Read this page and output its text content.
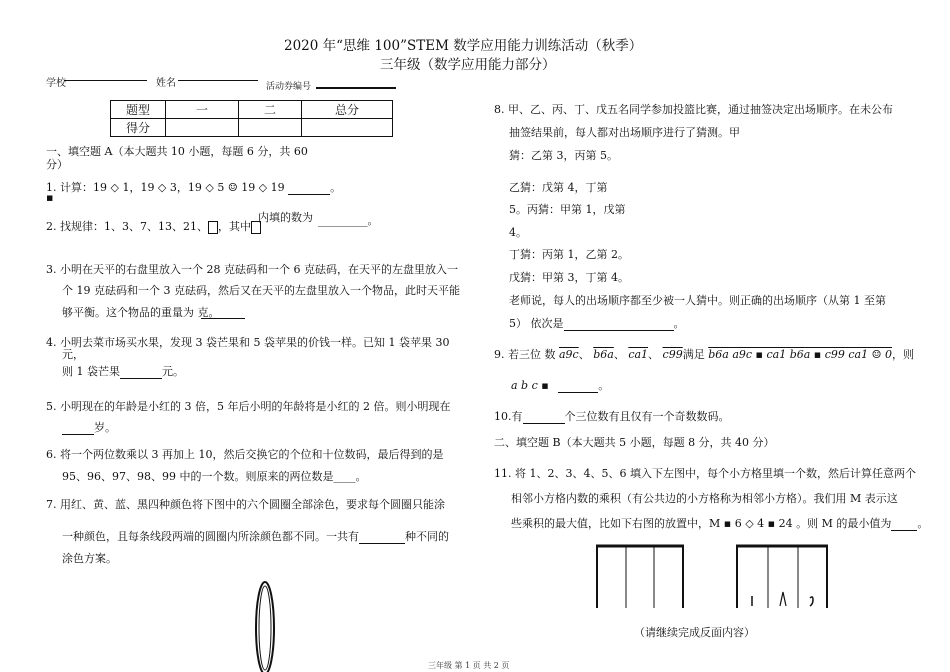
2020 年“思维 100”STEM 数学应用能力训练活动（秋季）
三年级（数学应用能力部分）
学校	姓名	活动券编号
题型	一	二	总分
得分			
一、填空题 A（本大题共 10 小题，每题 6 分，共 60
分）
1. 计算：19 ◇ 1，19 ◇ 3，19 ◇ 5 ☺ 19 ◇ 19	。
▪
2. 找规律：1、3、7、13、21、 ，其中
内填的数为 _________。
3. 小明在天平的右盘里放入一个 28 克砝码和一个 6 克砝码，在天平的左盘里放入一
个 19 克砝码和一个 3 克砝码，然后又在天平的左盘里放入一个物品，此时天平能
够平衡。这个物品的重量为 克。
4. 小明去菜市场买水果，发现 3 袋芒果和 5 袋苹果的价钱一样。已知 1 袋苹果 30
元，
则 1 袋芒果	元。
5. 小明现在的年龄是小红的 3 倍，5 年后小明的年龄将是小红的 2 倍。则小明现在
岁。
6. 将一个两位数乘以 3 再加上 10，然后交换它的个位和十位数码，最后得到的是
95、96、97、98、99 中的一个数。则原来的两位数是____。
7. 用红、黄、蓝、黑四种颜色将下图中的六个圆圈全部涂色，要求每个圆圈只能涂
一种颜色，且每条线段两端的圆圈内所涂颜色都不同。一共有	种不同的
涂色方案。
8. 甲、乙、丙、丁、戊五名同学参加投篮比赛，通过抽签决定出场顺序。在未公布
抽签结果前，每人都对出场顺序进行了猜测。甲
猜：乙第 3，丙第 5。
乙猜：戊第 4，丁第
5。丙猜：甲第 1，戊第
4。
丁猜：丙第 1，乙第 2。
戊猜：甲第 3，丁第 4。
老师说，每人的出场顺序都至少被一人猜中。则正确的出场顺序（从第 1 至第
5） 依次是	。
9. 若三位 数 a9c、 b6a、 ca1、 c99满足 b6a a9c ▪ ca1 b6a ▪ c99 ca1 ☺ 0，则
a b c ▪	。
10.有	个三位数有且仅有一个奇数数码。
二、填空题 B（本大题共 5 小题，每题 8 分，共 40 分）
11. 将 1、2、3、4、5、6 填入下左图中，每个小方格里填一个数，然后计算任意两个
相邻小方格内数的乘积（有公共边的小方格称为相邻小方格）。我们用 M 表示这
些乘积的最大值，比如下右图的放置中，M ▪ 6 ◇ 4 ▪ 24 。则 M 的最小值为 。
（请继续完成反面内容）
三年级 第 1 页 共 2 页
